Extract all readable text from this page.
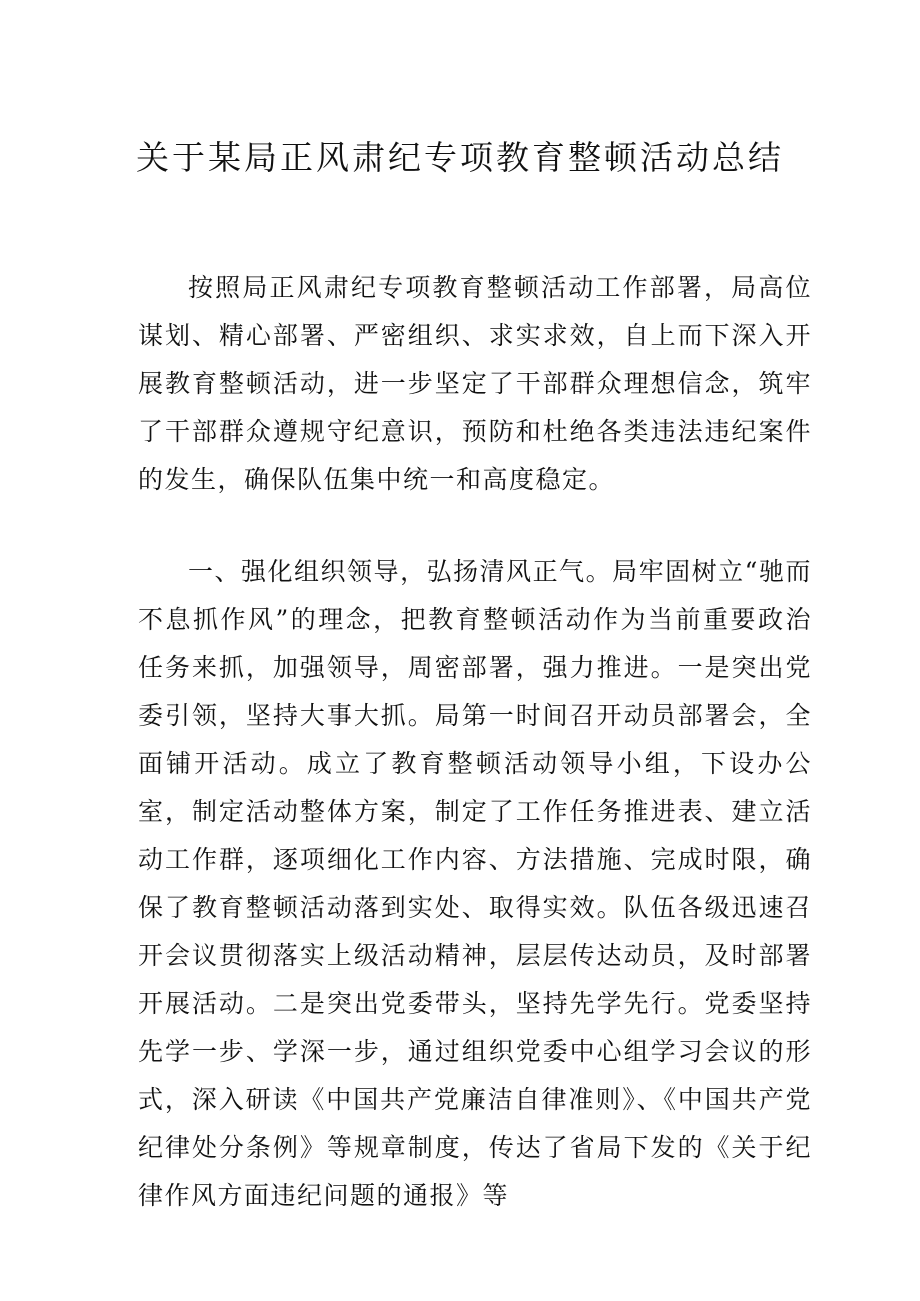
关于某局正风肃纪专项教育整顿活动总结

按照局正风肃纪专项教育整顿活动工作部署，局高位谋划、精心部署、严密组织、求实求效，自上而下深入开展教育整顿活动，进一步坚定了干部群众理想信念，筑牢了干部群众遵规守纪意识，预防和杜绝各类违法违纪案件的发生，确保队伍集中统一和高度稳定。

一、强化组织领导，弘扬清风正气。局牢固树立“驰而不息抓作风”的理念，把教育整顿活动作为当前重要政治任务来抓，加强领导，周密部署，强力推进。一是突出党委引领，坚持大事大抓。局第一时间召开动员部署会，全面铺开活动。成立了教育整顿活动领导小组，下设办公室，制定活动整体方案，制定了工作任务推进表、建立活动工作群，逐项细化工作内容、方法措施、完成时限，确保了教育整顿活动落到实处、取得实效。队伍各级迅速召开会议贯彻落实上级活动精神，层层传达动员，及时部署开展活动。二是突出党委带头，坚持先学先行。党委坚持先学一步、学深一步，通过组织党委中心组学习会议的形式，深入研读《中国共产党廉洁自律准则》、《中国共产党纪律处分条例》等规章制度，传达了省局下发的《关于纪律作风方面违纪问题的通报》等
